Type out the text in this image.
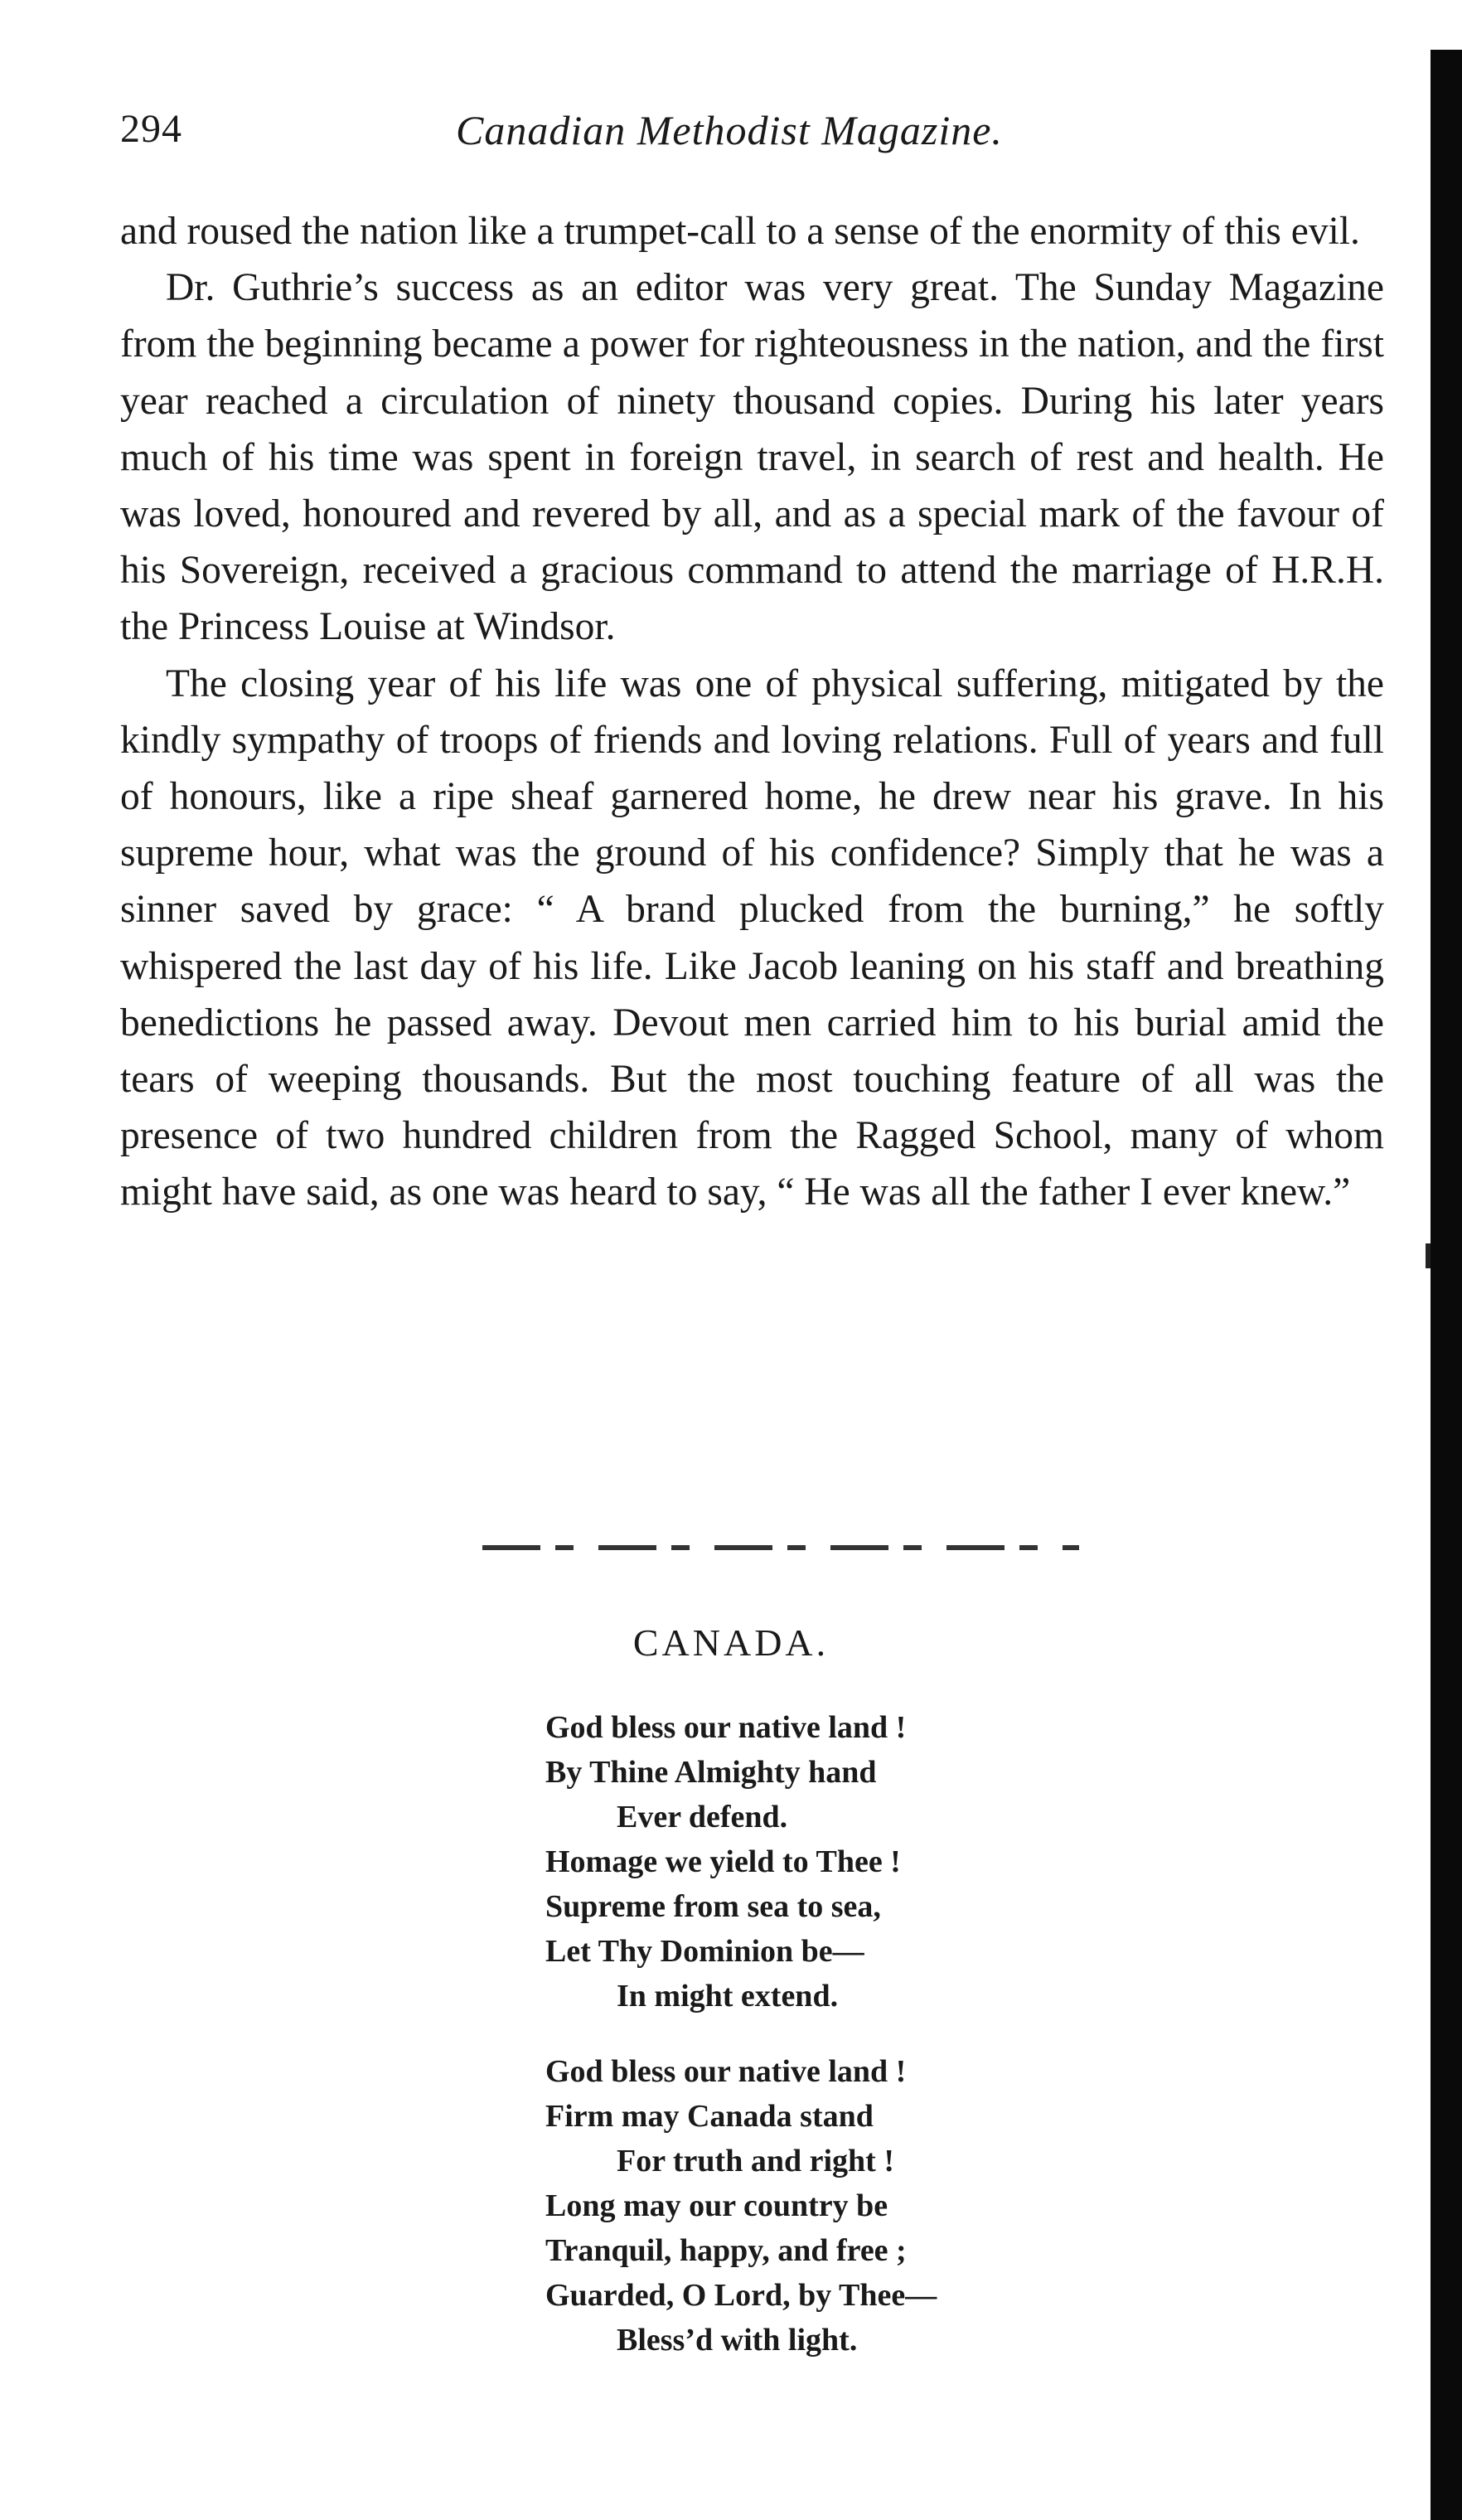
294	Canadian Methodist Magazine.

and roused the nation like a trumpet-call to a sense of the enormity of this evil.

Dr. Guthrie’s success as an editor was very great. The Sunday Magazine from the beginning became a power for righteousness in the nation, and the first year reached a circulation of ninety thousand copies. During his later years much of his time was spent in foreign travel, in search of rest and health. He was loved, honoured and revered by all, and as a special mark of the favour of his Sovereign, received a gracious command to attend the marriage of H.R.H. the Princess Louise at Windsor.

The closing year of his life was one of physical suffering, mitigated by the kindly sympathy of troops of friends and loving relations. Full of years and full of honours, like a ripe sheaf garnered home, he drew near his grave. In his supreme hour, what was the ground of his confidence? Simply that he was a sinner saved by grace: “ A brand plucked from the burning,” he softly whispered the last day of his life. Like Jacob leaning on his staff and breathing benedictions he passed away. Devout men carried him to his burial amid the tears of weeping thousands. But the most touching feature of all was the presence of two hundred children from the Ragged School, many of whom might have said, as one was heard to say, “ He was all the father I ever knew.”

CANADA.
God bless our native land !
By Thine Almighty hand
Ever defend.
Homage we yield to Thee !
Supreme from sea to sea,
Let Thy Dominion be—
In might extend.
God bless our native land !
Firm may Canada stand
For truth and right !
Long may our country be
Tranquil, happy, and free ;
Guarded, O Lord, by Thee—
Bless’d with light.
